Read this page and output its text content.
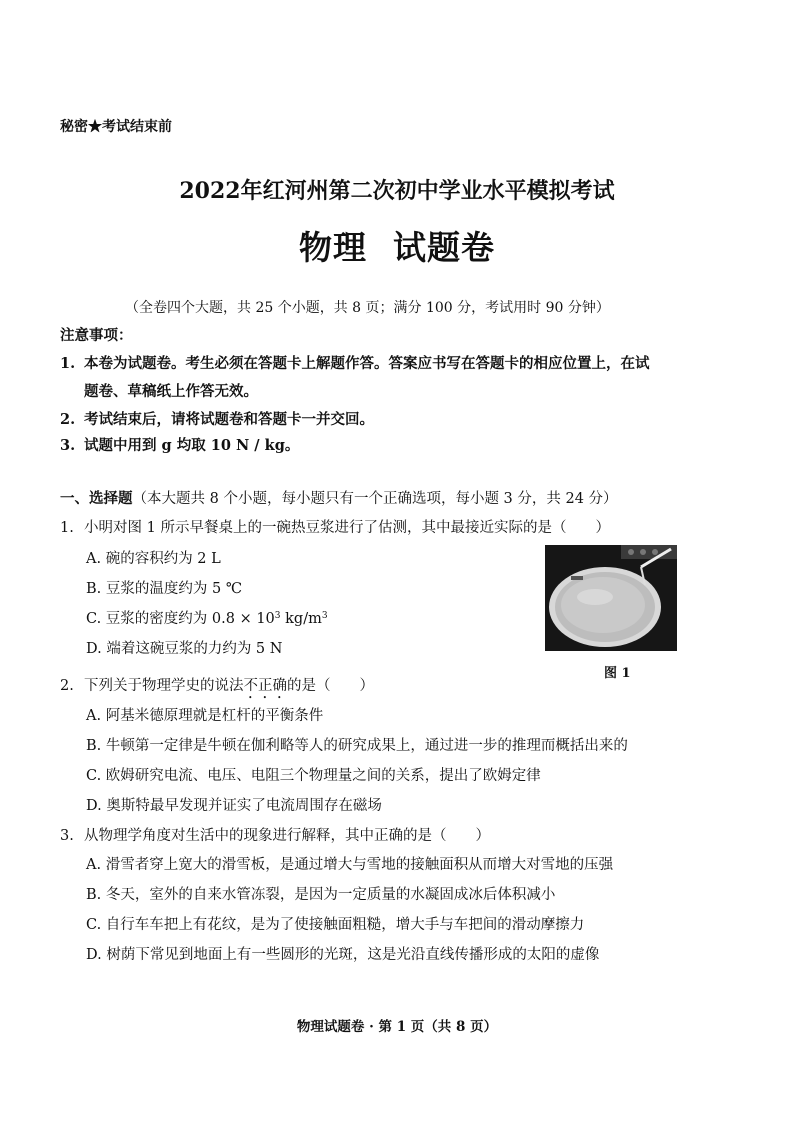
秘密★考试结束前
2022年红河州第二次初中学业水平模拟考试
物理 试题卷
（全卷四个大题，共 25 个小题，共 8 页；满分 100 分，考试用时 90 分钟）
注意事项：
1. 本卷为试题卷。考生必须在答题卡上解题作答。答案应书写在答题卡的相应位置上，在试
题卷、草稿纸上作答无效。
2. 考试结束后，请将试题卷和答题卡一并交回。
3. 试题中用到 g 均取 10 N / kg。
一、选择题（本大题共 8 个小题，每小题只有一个正确选项，每小题 3 分，共 24 分）
1. 小明对图 1 所示早餐桌上的一碗热豆浆进行了估测，其中最接近实际的是（　　）
A. 碗的容积约为 2 L
B. 豆浆的温度约为 5 ℃
C. 豆浆的密度约为 $0.8 \times 10^3$ $kg/m^3$
D. 端着这碗豆浆的力约为 5 N
图 1
2. 下列关于物理学史的说法不正确的是（　　）
A. 阿基米德原理就是杠杆的平衡条件
B. 牛顿第一定律是牛顿在伽利略等人的研究成果上，通过进一步的推理而概括出来的
C. 欧姆研究电流、电压、电阻三个物理量之间的关系，提出了欧姆定律
D. 奥斯特最早发现并证实了电流周围存在磁场
3. 从物理学角度对生活中的现象进行解释，其中正确的是（　　）
A. 滑雪者穿上宽大的滑雪板，是通过增大与雪地的接触面积从而增大对雪地的压强
B. 冬天，室外的自来水管冻裂，是因为一定质量的水凝固成冰后体积减小
C. 自行车车把上有花纹，是为了使接触面粗糙，增大手与车把间的滑动摩擦力
D. 树荫下常见到地面上有一些圆形的光斑，这是光沿直线传播形成的太阳的虚像
物理试题卷 · 第 1 页（共 8 页）
